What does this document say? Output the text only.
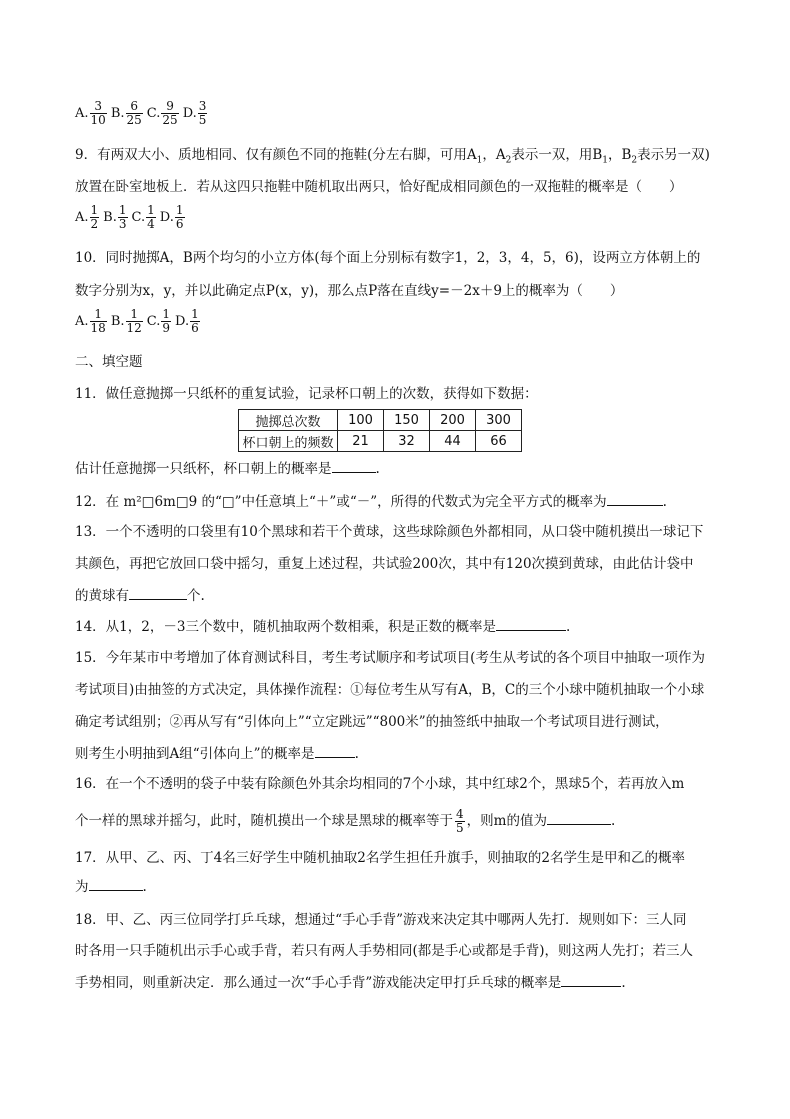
A. $\frac{3}{10} B$. $\frac{6}{25} C$. $\frac{9}{25} D$. $\frac{3}{5}$
9．有两双大小、质地相同、仅有颜色不同的拖鞋(分左右脚，可用$A_1$，$A_2$表示一双，用$B_1$，$B_2$表示另一双)
放置在卧室地板上．若从这四只拖鞋中随机取出两只，恰好配成相同颜色的一双拖鞋的概率是（　　）
A. $\frac{1}{2} B$. $\frac{1}{3} C$. $\frac{1}{4} D$. $\frac{1}{6}$
10．同时抛掷A，B两个均匀的小立方体(每个面上分别标有数字1，2，3，4，5，6)，设两立方体朝上的
数字分别为x，y，并以此确定点P(x，y)，那么点P落在直线y=－2x＋9上的概率为（　　）
A. $\frac{1}{18} B$. $\frac{1}{12} C$. $\frac{1}{9} D$. $\frac{1}{6}$
二、填空题
11．做任意抛掷一只纸杯的重复试验，记录杯口朝上的次数，获得如下数据：
抛掷总次数	100	150	200	300
杯口朝上的频数	21	32	44	66
估计任意抛掷一只纸杯，杯口朝上的概率是	.
12．在 m²□6m□9 的“□”中任意填上“＋”或“－”，所得的代数式为完全平方式的概率为	.
13．一个不透明的口袋里有10个黑球和若干个黄球，这些球除颜色外都相同，从口袋中随机摸出一球记下
其颜色，再把它放回口袋中摇匀，重复上述过程，共试验200次，其中有120次摸到黄球，由此估计袋中
的黄球有	个.
14．从1，2，－3三个数中，随机抽取两个数相乘，积是正数的概率是	.
15．今年某市中考增加了体育测试科目，考生考试顺序和考试项目(考生从考试的各个项目中抽取一项作为
考试项目)由抽签的方式决定，具体操作流程：①每位考生从写有A，B，C的三个小球中随机抽取一个小球
确定考试组别；②再从写有“引体向上”“立定跳远”“800米”的抽签纸中抽取一个考试项目进行测试，
则考生小明抽到A组“引体向上”的概率是	.
16．在一个不透明的袋子中装有除颜色外其余均相同的7个小球，其中红球2个，黑球5个，若再放入m
个一样的黑球并摇匀，此时，随机摸出一个球是黑球的概率等于 $\frac{4}{5}$ ，则m的值为	.
17．从甲、乙、丙、丁4名三好学生中随机抽取2名学生担任升旗手，则抽取的2名学生是甲和乙的概率
为	.
18．甲、乙、丙三位同学打乒乓球，想通过“手心手背”游戏来决定其中哪两人先打．规则如下：三人同
时各用一只手随机出示手心或手背，若只有两人手势相同(都是手心或都是手背)，则这两人先打；若三人
手势相同，则重新决定．那么通过一次“手心手背”游戏能决定甲打乒乓球的概率是	.
